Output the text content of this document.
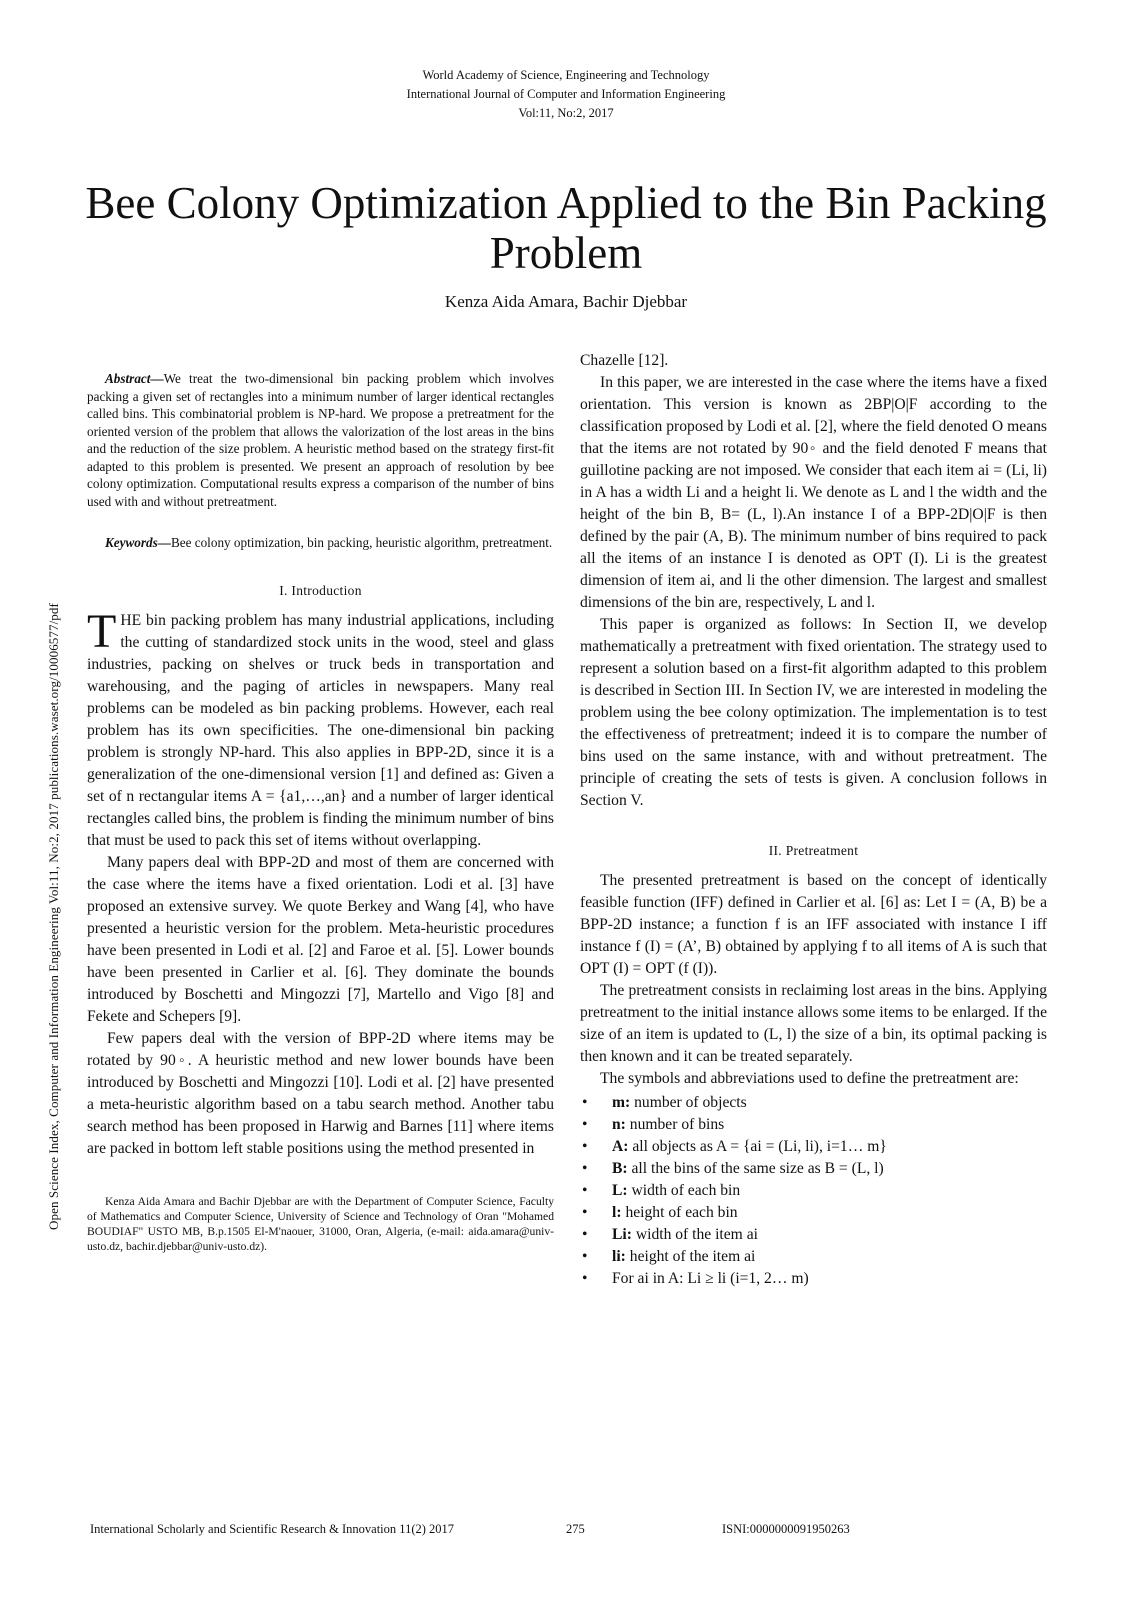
World Academy of Science, Engineering and Technology
International Journal of Computer and Information Engineering
Vol:11, No:2, 2017
Bee Colony Optimization Applied to the Bin Packing Problem
Kenza Aida Amara, Bachir Djebbar
Open Science Index, Computer and Information Engineering Vol:11, No:2, 2017 publications.waset.org/10006577/pdf

Abstract—We treat the two-dimensional bin packing problem which involves packing a given set of rectangles into a minimum number of larger identical rectangles called bins. This combinatorial problem is NP-hard. We propose a pretreatment for the oriented version of the problem that allows the valorization of the lost areas in the bins and the reduction of the size problem. A heuristic method based on the strategy first-fit adapted to this problem is presented. We present an approach of resolution by bee colony optimization. Computational results express a comparison of the number of bins used with and without pretreatment.

Keywords—Bee colony optimization, bin packing, heuristic algorithm, pretreatment.

I. Introduction

THE bin packing problem has many industrial applications, including the cutting of standardized stock units in the wood, steel and glass industries, packing on shelves or truck beds in transportation and warehousing, and the paging of articles in newspapers. Many real problems can be modeled as bin packing problems. However, each real problem has its own specificities. The one-dimensional bin packing problem is strongly NP-hard. This also applies in BPP-2D, since it is a generalization of the one-dimensional version [1] and defined as: Given a set of n rectangular items A = {a1,…,an} and a number of larger identical rectangles called bins, the problem is finding the minimum number of bins that must be used to pack this set of items without overlapping.

Many papers deal with BPP-2D and most of them are concerned with the case where the items have a fixed orientation. Lodi et al. [3] have proposed an extensive survey. We quote Berkey and Wang [4], who have presented a heuristic version for the problem. Meta-heuristic procedures have been presented in Lodi et al. [2] and Faroe et al. [5]. Lower bounds have been presented in Carlier et al. [6]. They dominate the bounds introduced by Boschetti and Mingozzi [7], Martello and Vigo [8] and Fekete and Schepers [9].

Few papers deal with the version of BPP-2D where items may be rotated by 90◦. A heuristic method and new lower bounds have been introduced by Boschetti and Mingozzi [10]. Lodi et al. [2] have presented a meta-heuristic algorithm based on a tabu search method. Another tabu search method has been proposed in Harwig and Barnes [11] where items are packed in bottom left stable positions using the method presented in

Kenza Aida Amara and Bachir Djebbar are with the Department of Computer Science, Faculty of Mathematics and Computer Science, University of Science and Technology of Oran "Mohamed BOUDIAF" USTO MB, B.p.1505 El-M'naouer, 31000, Oran, Algeria, (e-mail: aida.amara@univ-usto.dz, bachir.djebbar@univ-usto.dz).

Chazelle [12].

In this paper, we are interested in the case where the items have a fixed orientation. This version is known as 2BP|O|F according to the classification proposed by Lodi et al. [2], where the field denoted O means that the items are not rotated by 90◦ and the field denoted F means that guillotine packing are not imposed. We consider that each item ai = (Li, li) in A has a width Li and a height li. We denote as L and l the width and the height of the bin B, B= (L, l).An instance I of a BPP-2D|O|F is then defined by the pair (A, B). The minimum number of bins required to pack all the items of an instance I is denoted as OPT (I). Li is the greatest dimension of item ai, and li the other dimension. The largest and smallest dimensions of the bin are, respectively, L and l.

This paper is organized as follows: In Section II, we develop mathematically a pretreatment with fixed orientation. The strategy used to represent a solution based on a first-fit algorithm adapted to this problem is described in Section III. In Section IV, we are interested in modeling the problem using the bee colony optimization. The implementation is to test the effectiveness of pretreatment; indeed it is to compare the number of bins used on the same instance, with and without pretreatment. The principle of creating the sets of tests is given. A conclusion follows in Section V.

II. Pretreatment

The presented pretreatment is based on the concept of identically feasible function (IFF) defined in Carlier et al. [6] as: Let I = (A, B) be a BPP-2D instance; a function f is an IFF associated with instance I iff instance f (I) = (A’, B) obtained by applying f to all items of A is such that OPT (I) = OPT (f (I)).

The pretreatment consists in reclaiming lost areas in the bins. Applying pretreatment to the initial instance allows some items to be enlarged. If the size of an item is updated to (L, l) the size of a bin, its optimal packing is then known and it can be treated separately.

The symbols and abbreviations used to define the pretreatment are:

• m: number of objects
• n: number of bins
• A: all objects as A = {ai = (Li, li), i=1… m}
• B: all the bins of the same size as B = (L, l)
• L: width of each bin
• l: height of each bin
• Li: width of the item ai
• li: height of the item ai
• For ai in A: Li ≥ li (i=1, 2… m)
International Scholarly and Scientific Research & Innovation 11(2) 2017	275	ISNI:0000000091950263
